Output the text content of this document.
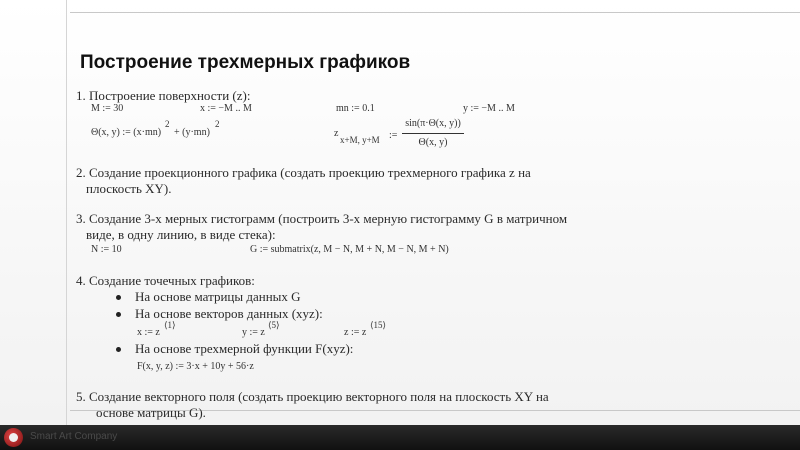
Построение трехмерных графиков
1. Построение поверхности (z):
M := 30	x := −M .. M	mn := 0.1	y := −M .. M
Θ(x, y) := (x·mn)
2
+ (y·mn)
2
z
x+M, y+M :=
sin(π·Θ(x, y))
Θ(x, y)
2. Создание проекционного графика (создать проекцию трехмерного графика z на
плоскость XY).
3. Создание 3-х мерных гистограмм (построить 3-х мерную гистограмму G в матричном
виде, в одну линию, в виде стека):
N := 10	G := submatrix(z, M − N, M + N, M − N, M + N)
4. Создание точечных графиков:
На основе матрицы данных G
На основе векторов данных (xyz):
x := z
⟨1⟩
y := z
⟨5⟩
z := z
⟨15⟩
На основе трехмерной функции F(xyz):
F(x, y, z) := 3·x + 10y + 56·z
5. Создание векторного поля (создать проекцию векторного поля на плоскость XY на
основе матрицы G).
Smart Art Company
